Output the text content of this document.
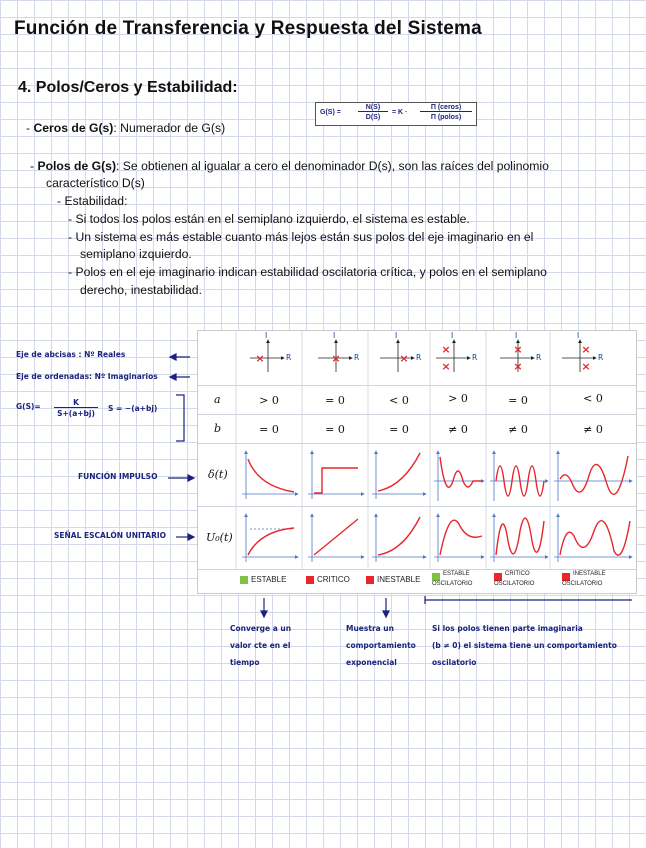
Función de Transferencia y Respuesta del Sistema
4. Polos/Ceros y Estabilidad:
G(S) =
N(S)
D(S)
= K ·
Π (ceros)
Π (polos)
- Ceros de G(s): Numerador de G(s)
- Polos de G(s): Se obtienen al igualar a cero el denominador D(s), son las raíces del polinomio
característico D(s)
- Estabilidad:
- Si todos los polos están en el semiplano izquierdo, el sistema es estable.
- Un sistema es más estable cuanto más lejos están sus polos del eje imaginario en el
semiplano izquierdo.
- Polos en el eje imaginario indican estabilidad oscilatoria crítica, y polos en el semiplano
derecho, inestabilidad.
Eje de abcisas : Nº Reales
Eje de ordenadas: Nº Imaginarios
G(S)=	K
S+(a+bj)
S = −(a+bj)
FUNCIÓN IMPULSO
SEÑAL ESCALÓN UNITARIO
×	×	×
×
×
×
×
×
×
R	R	R	R	R	R
I	I	I	I	I	I
a	> 0	= 0	< 0	> 0	= 0	< 0
b	= 0	= 0	= 0	≠ 0	≠ 0	≠ 0
δ(t)
U₀(t)
ESTABLE	CRITICO	INESTABLE
ESTABLE
OSCILATORIO
CRITICO
OSCILATORIO
INESTABLE
OSCILATORIO
Converge a un
valor cte en el
tiempo
Muestra un
comportamiento
exponencial
Si los polos tienen parte imaginaria
(b ≠ 0) el sistema tiene un comportamiento
oscilatorio
